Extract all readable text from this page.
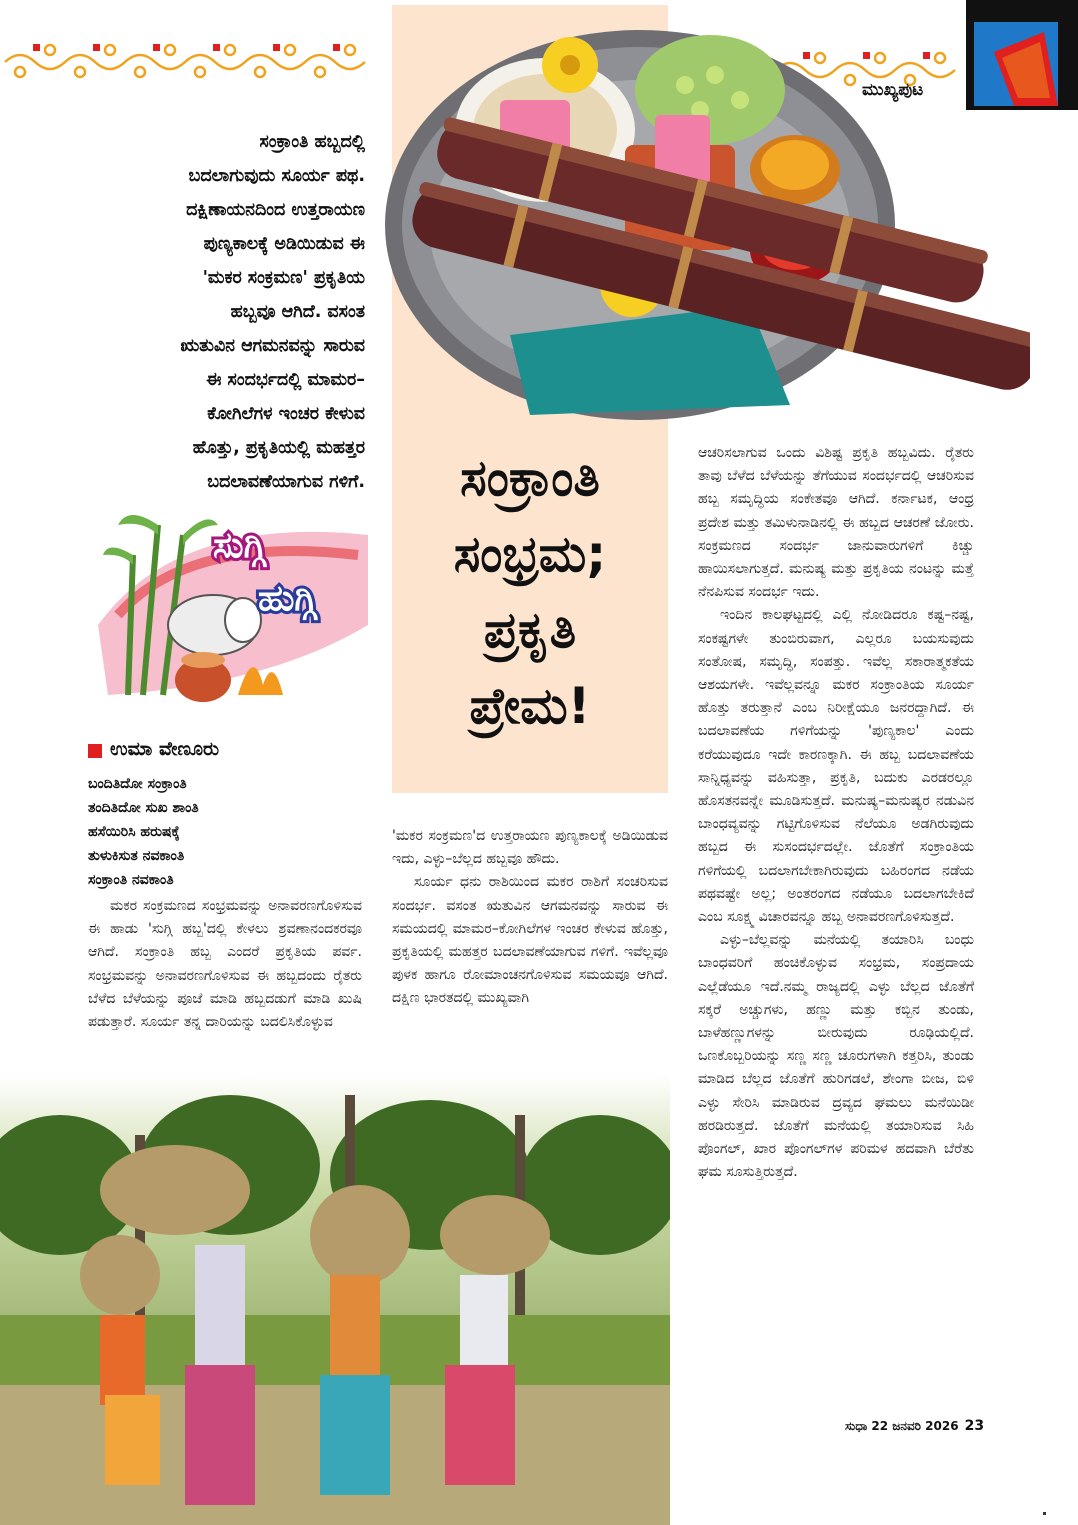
ಮುಖ್ಯಪುಟ
ಸಂಕ್ರಾಂತಿ ಹಬ್ಬದಲ್ಲಿ
ಬದಲಾಗುವುದು ಸೂರ್ಯ ಪಥ.
ದಕ್ಷಿಣಾಯನದಿಂದ ಉತ್ತರಾಯಣ
ಪುಣ್ಯಕಾಲಕ್ಕೆ ಅಡಿಯಿಡುವ ಈ
'ಮಕರ ಸಂಕ್ರಮಣ' ಪ್ರಕೃತಿಯ
ಹಬ್ಬವೂ ಆಗಿದೆ. ವಸಂತ
ಋತುವಿನ ಆಗಮನವನ್ನು ಸಾರುವ
ಈ ಸಂದರ್ಭದಲ್ಲಿ ಮಾಮರ–
ಕೋಗಿಲೆಗಳ ಇಂಚರ ಕೇಳುವ
ಹೊತ್ತು, ಪ್ರಕೃತಿಯಲ್ಲಿ ಮಹತ್ತರ
ಬದಲಾವಣೆಯಾಗುವ ಗಳಿಗೆ.	ಸಂಕ್ರಾಂತಿ
ಸಂಭ್ರಮ;
ಪ್ರಕೃತಿ
ಪ್ರೇಮ!
ಸುಗ್ಗಿ
ಹುಗ್ಗಿ
ಉಮಾ ವೇಣೂರು
ಬಂದಿತಿದೋ ಸಂಕ್ರಾಂತಿ
ತಂದಿತಿದೋ ಸುಖ ಶಾಂತಿ
ಹಸೆಯಿರಿಸಿ ಹರುಷಕ್ಕೆ
ತುಳುಕಿಸುತ ನವಕಾಂತಿ
ಸಂಕ್ರಾಂತಿ ನವಕಾಂತಿ

ಮಕರ ಸಂಕ್ರಮಣದ ಸಂಭ್ರಮವನ್ನು ಅನಾವರಣಗೊಳಿಸುವ ಈ ಹಾಡು 'ಸುಗ್ಗಿ ಹಬ್ಬ'ದಲ್ಲಿ ಕೇಳಲು ಶ್ರವಣಾನಂದಕರವೂ ಆಗಿದೆ. ಸಂಕ್ರಾಂತಿ ಹಬ್ಬ ಎಂದರೆ ಪ್ರಕೃತಿಯ ಪರ್ವ. ಸಂಭ್ರಮವನ್ನು ಅನಾವರಣಗೊಳಿಸುವ ಈ ಹಬ್ಬದಂದು ರೈತರು ಬೆಳೆದ ಬೆಳೆಯನ್ನು ಪೂಜೆ ಮಾಡಿ ಹಬ್ಬದಡುಗೆ ಮಾಡಿ ಖುಷಿ ಪಡುತ್ತಾರೆ. ಸೂರ್ಯ ತನ್ನ ದಾರಿಯನ್ನು ಬದಲಿಸಿಕೊಳ್ಳುವ

'ಮಕರ ಸಂಕ್ರಮಣ'ದ ಉತ್ತರಾಯಣ ಪುಣ್ಯಕಾಲಕ್ಕೆ ಅಡಿಯಿಡುವ ಇದು, ಎಳ್ಳು–ಬೆಲ್ಲದ ಹಬ್ಬವೂ ಹೌದು.

ಸೂರ್ಯ ಧನು ರಾಶಿಯಿಂದ ಮಕರ ರಾಶಿಗೆ ಸಂಚರಿಸುವ ಸಂದರ್ಭ. ವಸಂತ ಋತುವಿನ ಆಗಮನವನ್ನು ಸಾರುವ ಈ ಸಮಯದಲ್ಲಿ ಮಾಮರ–ಕೋಗಿಲೆಗಳ ಇಂಚರ ಕೇಳುವ ಹೊತ್ತು, ಪ್ರಕೃತಿಯಲ್ಲಿ ಮಹತ್ತರ ಬದಲಾವಣೆಯಾಗುವ ಗಳಿಗೆ. ಇವೆಲ್ಲವೂ ಪುಳಕ ಹಾಗೂ ರೋಮಾಂಚನಗೊಳಿಸುವ ಸಮಯವೂ ಆಗಿದೆ. ದಕ್ಷಿಣ ಭಾರತದಲ್ಲಿ ಮುಖ್ಯವಾಗಿ

ಆಚರಿಸಲಾಗುವ ಒಂದು ವಿಶಿಷ್ಟ ಪ್ರಕೃತಿ ಹಬ್ಬವಿದು. ರೈತರು ತಾವು ಬೆಳೆದ ಬೆಳೆಯನ್ನು ತೆಗೆಯುವ ಸಂದರ್ಭದಲ್ಲಿ ಆಚರಿಸುವ ಹಬ್ಬ ಸಮೃದ್ಧಿಯ ಸಂಕೇತವೂ ಆಗಿದೆ. ಕರ್ನಾಟಕ, ಆಂಧ್ರ ಪ್ರದೇಶ ಮತ್ತು ತಮಿಳುನಾಡಿನಲ್ಲಿ ಈ ಹಬ್ಬದ ಆಚರಣೆ ಜೋರು. ಸಂಕ್ರಮಣದ ಸಂದರ್ಭ ಜಾನುವಾರುಗಳಿಗೆ ಕಿಚ್ಚು ಹಾಯಿಸಲಾಗುತ್ತದೆ. ಮನುಷ್ಯ ಮತ್ತು ಪ್ರಕೃತಿಯ ನಂಟನ್ನು ಮತ್ತೆ ನೆನಪಿಸುವ ಸಂದರ್ಭ ಇದು.

ಇಂದಿನ ಕಾಲಘಟ್ಟದಲ್ಲಿ ಎಲ್ಲಿ ನೋಡಿದರೂ ಕಷ್ಟ–ನಷ್ಟ, ಸಂಕಷ್ಟಗಳೇ ತುಂಬಿರುವಾಗ, ಎಲ್ಲರೂ ಬಯಸುವುದು ಸಂತೋಷ, ಸಮೃದ್ಧಿ, ಸಂಪತ್ತು. ಇವೆಲ್ಲ ಸಕಾರಾತ್ಮಕತೆಯ ಆಶಯಗಳೇ. ಇವೆಲ್ಲವನ್ನೂ ಮಕರ ಸಂಕ್ರಾಂತಿಯ ಸೂರ್ಯ ಹೊತ್ತು ತರುತ್ತಾನೆ ಎಂಬ ನಿರೀಕ್ಷೆಯೂ ಜನರದ್ದಾಗಿದೆ. ಈ ಬದಲಾವಣೆಯ ಗಳಿಗೆಯನ್ನು 'ಪುಣ್ಯಕಾಲ' ಎಂದು ಕರೆಯುವುದೂ ಇದೇ ಕಾರಣಕ್ಕಾಗಿ. ಈ ಹಬ್ಬ ಬದಲಾವಣೆಯ ಸಾನ್ನಿಧ್ಯವನ್ನು ವಹಿಸುತ್ತಾ, ಪ್ರಕೃತಿ, ಬದುಕು ಎರಡರಲ್ಲೂ ಹೊಸತನವನ್ನೇ ಮೂಡಿಸುತ್ತದೆ. ಮನುಷ್ಯ–ಮನುಷ್ಯರ ನಡುವಿನ ಬಾಂಧವ್ಯವನ್ನು ಗಟ್ಟಿಗೊಳಿಸುವ ನೆಲೆಯೂ ಅಡಗಿರುವುದು ಹಬ್ಬದ ಈ ಸುಸಂದರ್ಭದಲ್ಲೇ. ಜೊತೆಗೆ ಸಂಕ್ರಾಂತಿಯ ಗಳಿಗೆಯಲ್ಲಿ ಬದಲಾಗಬೇಕಾಗಿರುವುದು ಬಹಿರಂಗದ ನಡೆಯ ಪಥವಷ್ಟೇ ಅಲ್ಲ; ಅಂತರಂಗದ ನಡೆಯೂ ಬದಲಾಗಬೇಕಿದೆ ಎಂಬ ಸೂಕ್ಷ್ಮ ವಿಚಾರವನ್ನೂ ಹಬ್ಬ ಅನಾವರಣಗೊಳಿಸುತ್ತದೆ.

ಎಳ್ಳು–ಬೆಲ್ಲವನ್ನು ಮನೆಯಲ್ಲಿ ತಯಾರಿಸಿ ಬಂಧು ಬಾಂಧವರಿಗೆ ಹಂಚಿಕೊಳ್ಳುವ ಸಂಭ್ರಮ, ಸಂಪ್ರದಾಯ ಎಲ್ಲೆಡೆಯೂ ಇದೆ.ನಮ್ಮ ರಾಜ್ಯದಲ್ಲಿ ಎಳ್ಳು ಬೆಲ್ಲದ ಜೊತೆಗೆ ಸಕ್ಕರೆ ಅಚ್ಚುಗಳು, ಹಣ್ಣು ಮತ್ತು ಕಬ್ಬಿನ ತುಂಡು, ಬಾಳೆಹಣ್ಣುಗಳನ್ನು ಬೀರುವುದು ರೂಢಿಯಲ್ಲಿದೆ. ಒಣಕೊಬ್ಬರಿಯನ್ನು ಸಣ್ಣ ಸಣ್ಣ ಚೂರುಗಳಾಗಿ ಕತ್ತರಿಸಿ, ತುಂಡು ಮಾಡಿದ ಬೆಲ್ಲದ ಜೊತೆಗೆ ಹುರಿಗಡಲೆ, ಶೇಂಗಾ ಬೀಜ, ಬಿಳಿ ಎಳ್ಳು ಸೇರಿಸಿ ಮಾಡಿರುವ ದ್ರವ್ಯದ ಘಮಲು ಮನೆಯಿಡೀ ಹರಡಿರುತ್ತದೆ. ಜೊತೆಗೆ ಮನೆಯಲ್ಲಿ ತಯಾರಿಸುವ ಸಿಹಿ ಪೊಂಗಲ್, ಖಾರ ಪೊಂಗಲ್‌ಗಳ ಪರಿಮಳ ಹದವಾಗಿ ಬೆರೆತು ಘಮ ಸೂಸುತ್ತಿರುತ್ತದೆ.

ಸುಧಾ 22 ಜನವರಿ 2026 23
